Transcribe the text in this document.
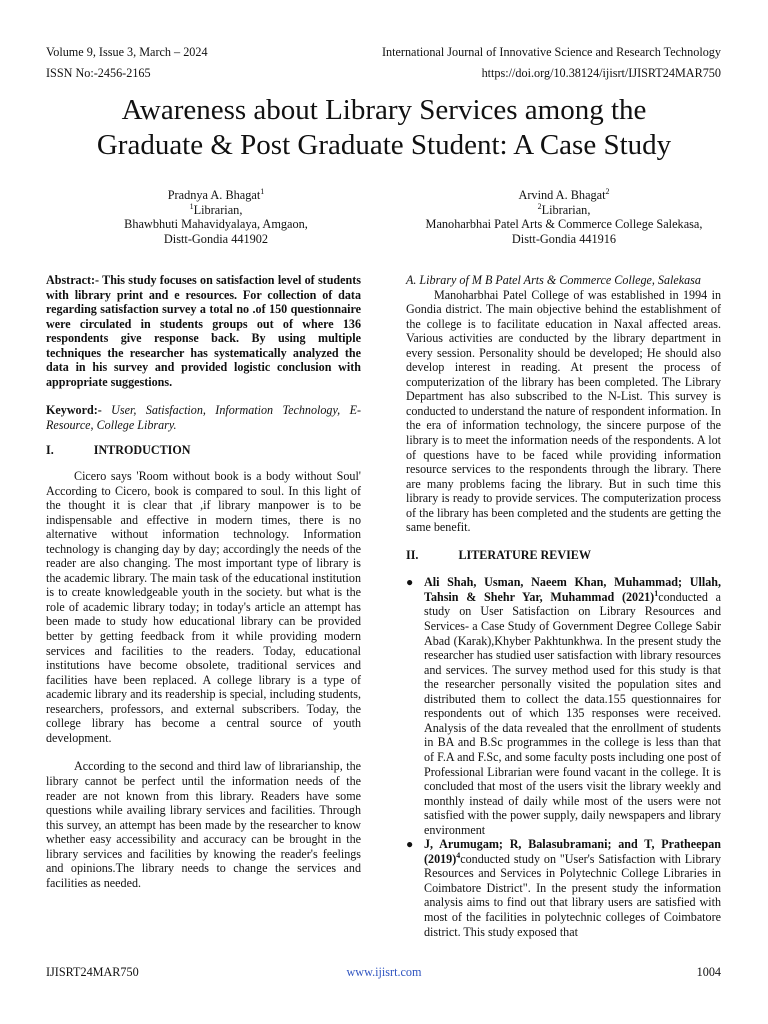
Volume 9, Issue 3, March – 2024	International Journal of Innovative Science and Research Technology
ISSN No:-2456-2165	https://doi.org/10.38124/ijisrt/IJISRT24MAR750
Awareness about Library Services among the
Graduate & Post Graduate Student: A Case Study
Pradnya A. Bhagat$^1$
$^1$Librarian,
Bhawbhuti Mahavidyalaya, Amgaon,
Distt-Gondia 441902
Arvind A. Bhagat$^2$
$^2$Librarian,
Manoharbhai Patel Arts & Commerce College Salekasa,
Distt-Gondia 441916

Abstract:- This study focuses on satisfaction level of students with library print and e resources. For collection of data regarding satisfaction survey a total no .of 150 questionnaire were circulated in students groups out of where 136 respondents give response back. By using multiple techniques the researcher has systematically analyzed the data in his survey and provided logistic conclusion with appropriate suggestions.

Keyword:- User, Satisfaction, Information Technology, E-Resource, College Library.

I.	INTRODUCTION

Cicero says 'Room without book is a body without Soul' According to Cicero, book is compared to soul. In this light of the thought it is clear that ,if library manpower is to be indispensable and effective in modern times, there is no alternative without information technology. Information technology is changing day by day; accordingly the needs of the reader are also changing. The most important type of library is the academic library. The main task of the educational institution is to create knowledgeable youth in the society. but what is the role of academic library today; in today's article an attempt has been made to study how educational library can be provided better by getting feedback from it while providing modern services and facilities to the readers. Today, educational institutions have become obsolete, traditional services and facilities have been replaced. A college library is a type of academic library and its readership is special, including students, researchers, professors, and external subscribers. Today, the college library has become a central source of youth development.

According to the second and third law of librarianship, the library cannot be perfect until the information needs of the reader are not known from this library. Readers have some questions while availing library services and facilities. Through this survey, an attempt has been made by the researcher to know whether easy accessibility and accuracy can be brought in the library services and facilities by knowing the reader's feelings and opinions.The library needs to change the services and facilities as needed.

A. Library of M B Patel Arts & Commerce College, Salekasa

Manoharbhai Patel College of was established in 1994 in Gondia district. The main objective behind the establishment of the college is to facilitate education in Naxal affected areas. Various activities are conducted by the library department in every session. Personality should be developed; He should also develop interest in reading. At present the process of computerization of the library has been completed. The Library Department has also subscribed to the N-List. This survey is conducted to understand the nature of respondent information. In the era of information technology, the sincere purpose of the library is to meet the information needs of the respondents. A lot of questions have to be faced while providing information resource services to the respondents through the library. There are many problems facing the library. But in such time this library is ready to provide services. The computerization process of the library has been completed and the students are getting the same benefit.

II.	LITERATURE REVIEW

● Ali Shah, Usman, Naeem Khan, Muhammad; Ullah, Tahsin & Shehr Yar, Muhammad $(2021)^1conducted$ a study on User Satisfaction on Library Resources and Services- a Case Study of Government Degree College Sabir Abad (Karak),Khyber Pakhtunkhwa. In the present study the researcher has studied user satisfaction with library resources and services. The survey method used for this study is that the researcher personally visited the population sites and distributed them to collect the data.155 questionnaires for respondents out of which 135 responses were received. Analysis of the data revealed that the enrollment of students in BA and B.Sc programmes in the college is less than that of F.A and F.Sc, and some faculty posts including one post of Professional Librarian were found vacant in the college. It is concluded that most of the users visit the library weekly and monthly instead of daily while most of the users were not satisfied with the power supply, daily newspapers and library environment
● J, Arumugam; R, Balasubramani; and T, Pratheepan $(2019)^4conducted$ study on "User's Satisfaction with Library Resources and Services in Polytechnic College Libraries in Coimbatore District". In the present study the information analysis aims to find out that library users are satisfied with most of the facilities in polytechnic colleges of Coimbatore district. This study exposed that
IJISRT24MAR750	www.ijisrt.com	1004
